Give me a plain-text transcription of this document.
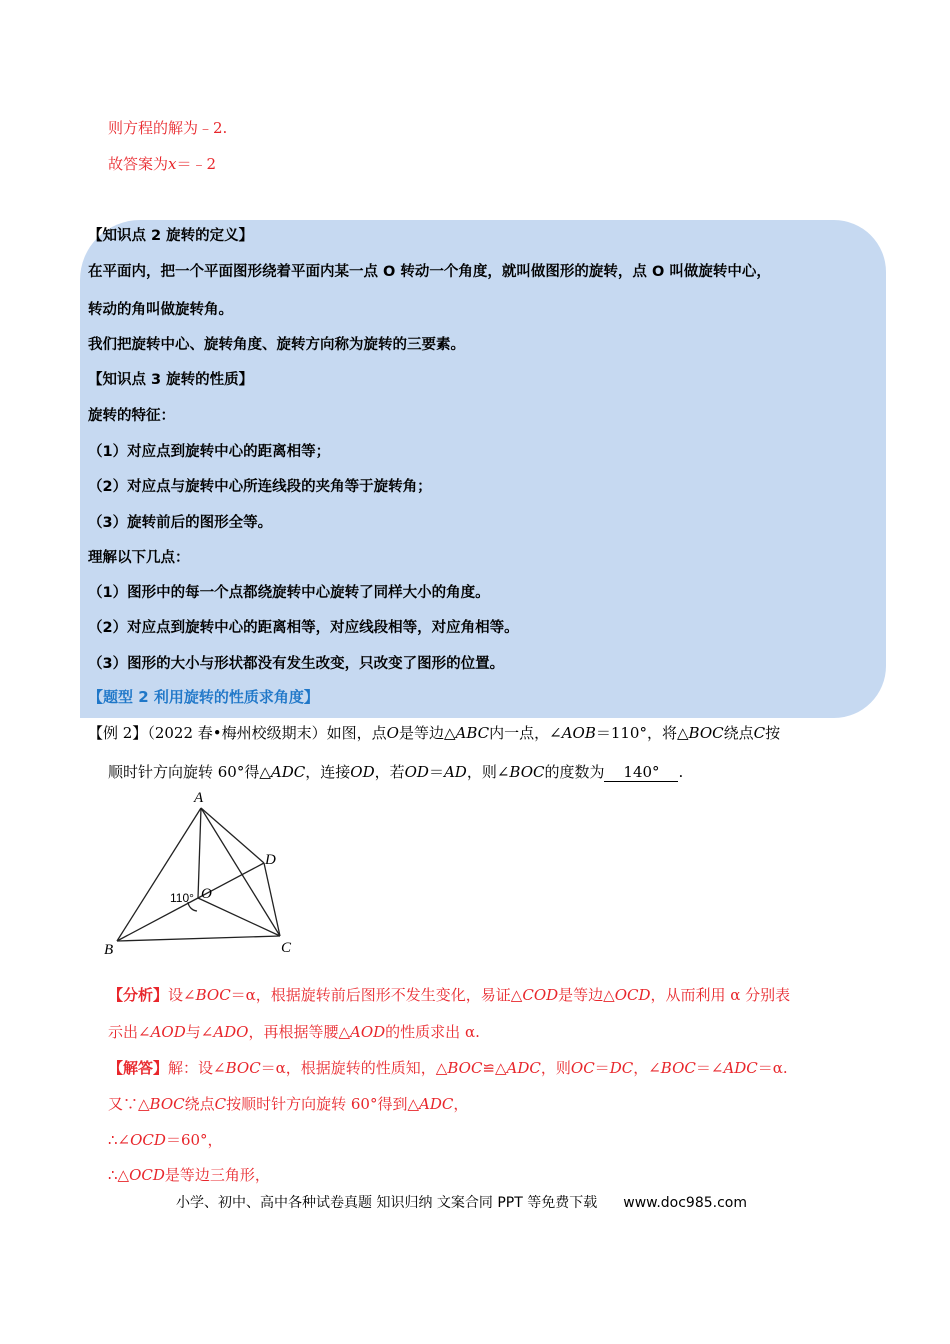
则方程的解为﹣2.
故答案为x＝﹣2
【知识点 2 旋转的定义】
在平面内，把一个平面图形绕着平面内某一点 O 转动一个角度，就叫做图形的旋转，点 O 叫做旋转中心，
转动的角叫做旋转角。
我们把旋转中心、旋转角度、旋转方向称为旋转的三要素。
【知识点 3 旋转的性质】
旋转的特征：
（1）对应点到旋转中心的距离相等；
（2）对应点与旋转中心所连线段的夹角等于旋转角；
（3）旋转前后的图形全等。
理解以下几点：
（1）图形中的每一个点都绕旋转中心旋转了同样大小的角度。
（2）对应点到旋转中心的距离相等，对应线段相等，对应角相等。
（3）图形的大小与形状都没有发生改变，只改变了图形的位置。
【题型 2 利用旋转的性质求角度】
【例 2】（2022 春•梅州校级期末）如图，点O是等边△ABC内一点，∠AOB＝110°，将△BOC绕点C按
顺时针方向旋转 60°得△ADC，连接OD，若OD＝AD，则∠BOC的度数为 140° .
A
B	C
D
O
110°
【分析】设∠BOC＝α，根据旋转前后图形不发生变化，易证△COD是等边△OCD，从而利用 α 分别表
示出∠AOD与∠ADO，再根据等腰△AOD的性质求出 α.
【解答】解：设∠BOC＝α，根据旋转的性质知，△BOC≌△ADC，则OC＝DC，∠BOC＝∠ADC＝α.
又∵△BOC绕点C按顺时针方向旋转 60°得到△ADC，
∴∠OCD＝60°，
∴△OCD是等边三角形，
小学、初中、高中各种试卷真题 知识归纳 文案合同 PPT 等免费下载 www.doc985.com
